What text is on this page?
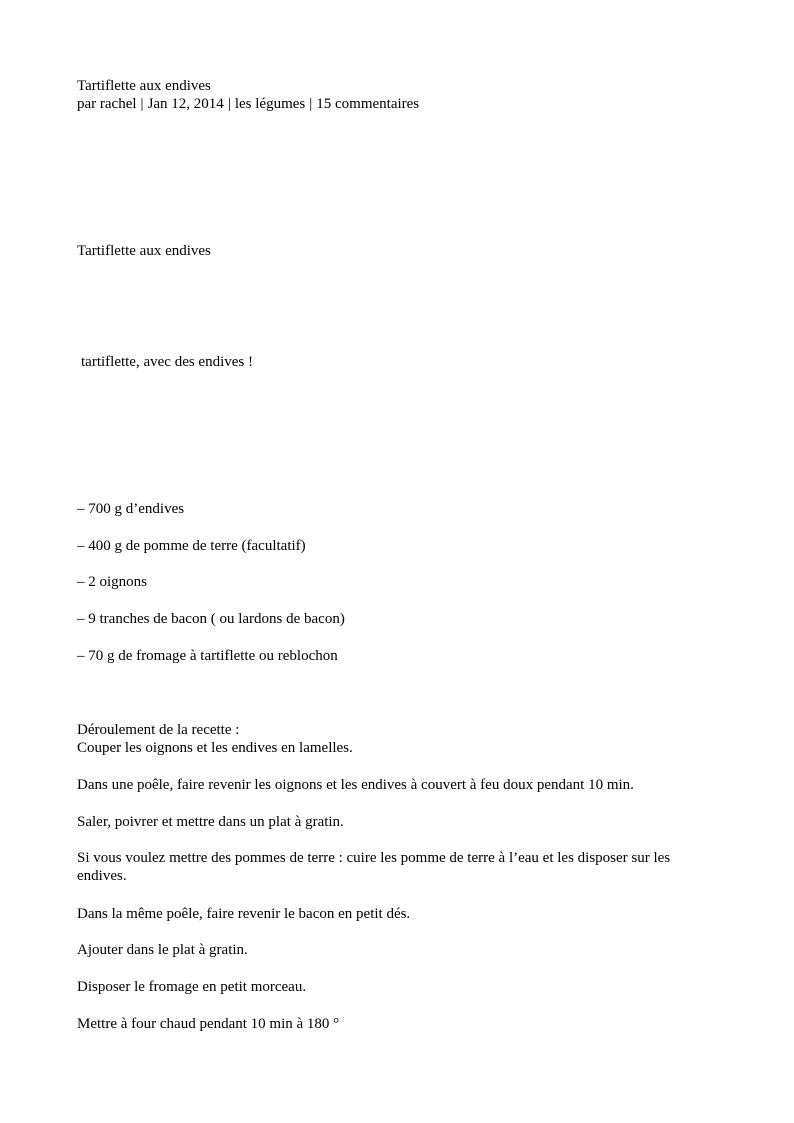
Tartiflette aux endives

par rachel | Jan 12, 2014 | les légumes | 15 commentaires

Tartiflette aux endives

tartiflette, avec des endives !

– 700 g d’endives

– 400 g de pomme de terre (facultatif)

– 2 oignons

– 9 tranches de bacon ( ou lardons de bacon)

– 70 g de fromage à tartiflette ou reblochon

Déroulement de la recette :

Couper les oignons et les endives en lamelles.

Dans une poêle, faire revenir les oignons et les endives à couvert à feu doux pendant 10 min.

Saler, poivrer et mettre dans un plat à gratin.

Si vous voulez mettre des pommes de terre : cuire les pomme de terre à l’eau et les disposer sur les endives.

Dans la même poêle, faire revenir le bacon en petit dés.

Ajouter dans le plat à gratin.

Disposer le fromage en petit morceau.

Mettre à four chaud pendant 10 min à 180 °
